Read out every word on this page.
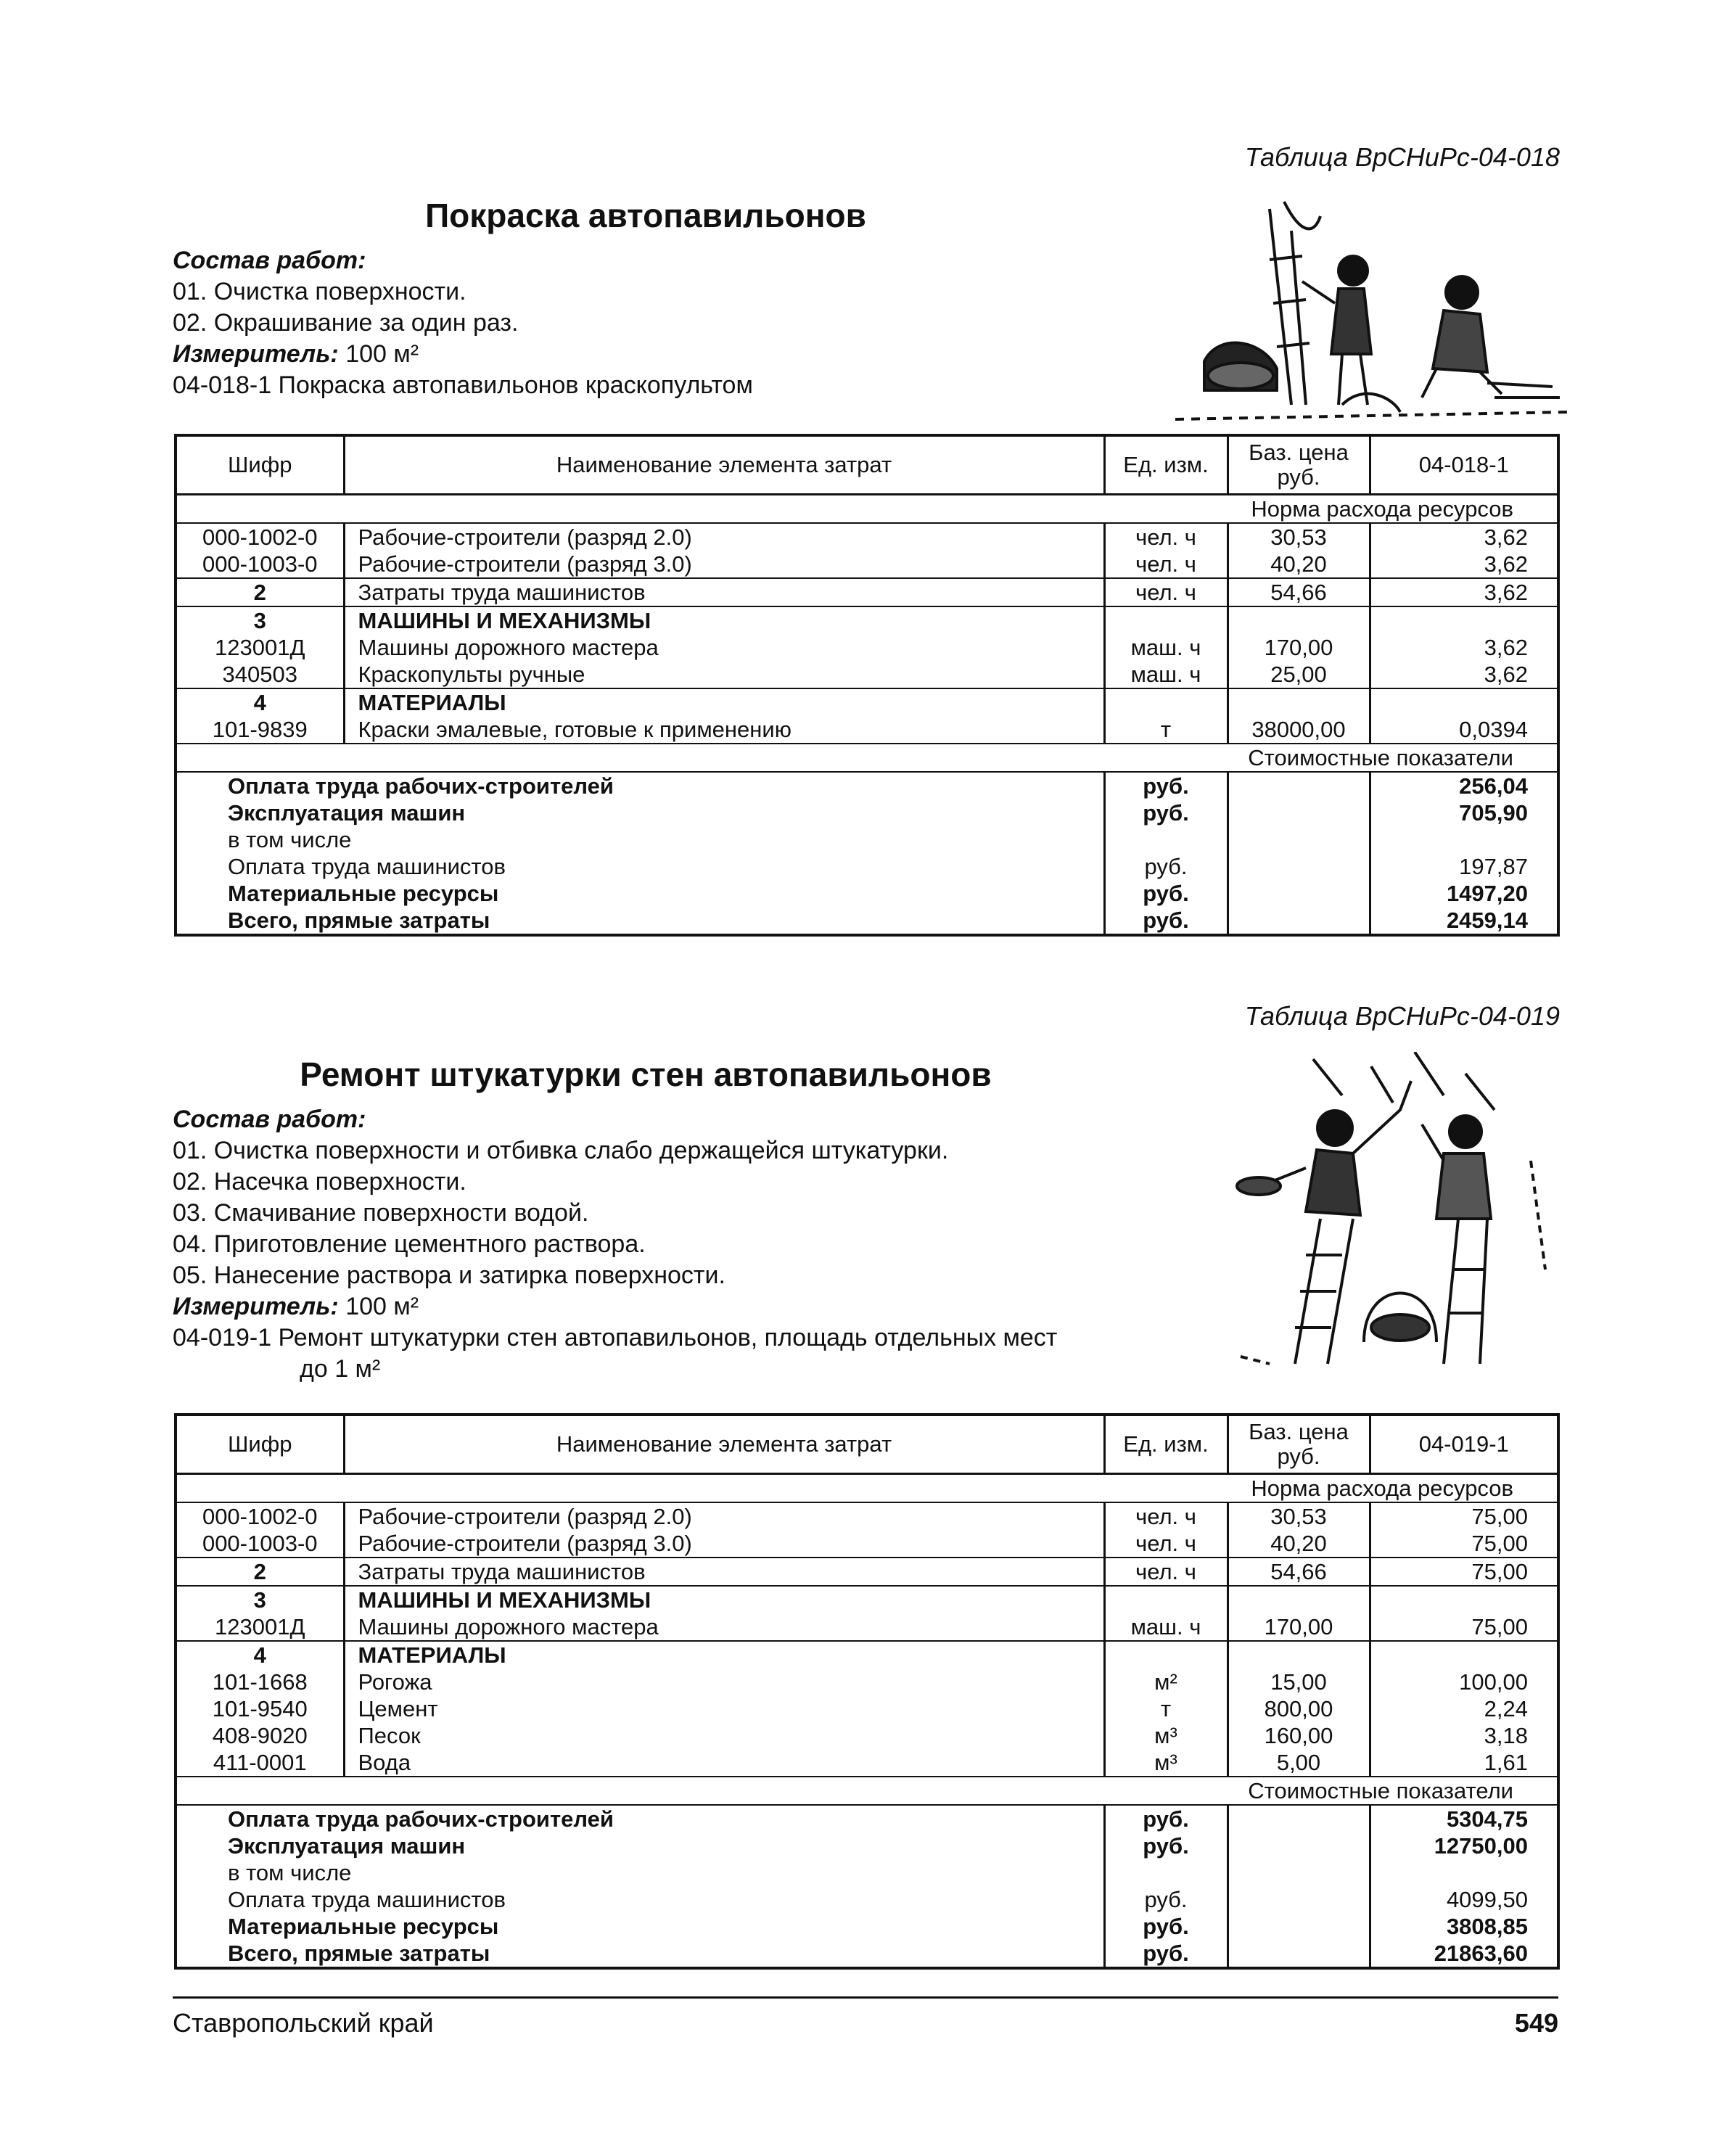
Таблица ВрСНиРс-04-018
Покраска автопавильонов
Состав работ:
01. Очистка поверхности.
02. Окрашивание за один раз.
Измеритель: 100 м²
04-018-1 Покраска автопавильонов краскопультом
Шифр	Наименование элемента затрат	Ед. изм.	Баз. цена руб.	04-018-1
			Норма расхода ресурсов	
000-1002-0	Рабочие-строители (разряд 2.0)	чел. ч	30,53	3,62
000-1003-0	Рабочие-строители (разряд 3.0)	чел. ч	40,20	3,62
2	Затраты труда машинистов	чел. ч	54,66	3,62
3	МАШИНЫ И МЕХАНИЗМЫ			
123001Д	Машины дорожного мастера	маш. ч	170,00	3,62
340503	Краскопульты ручные	маш. ч	25,00	3,62
4	МАТЕРИАЛЫ			
101-9839	Краски эмалевые, готовые к применению	т	38000,00	0,0394
			Стоимостные показатели	
Оплата труда рабочих-строителей		руб.		256,04
Эксплуатация машин		руб.		705,90
в том числе				
Оплата труда машинистов		руб.		197,87
Материальные ресурсы		руб.		1497,20
Всего, прямые затраты		руб.		2459,14
Таблица ВрСНиРс-04-019
Ремонт штукатурки стен автопавильонов
Состав работ:
01. Очистка поверхности и отбивка слабо держащейся штукатурки.
02. Насечка поверхности.
03. Смачивание поверхности водой.
04. Приготовление цементного раствора.
05. Нанесение раствора и затирка поверхности.
Измеритель: 100 м²
04-019-1 Ремонт штукатурки стен автопавильонов, площадь отдельных мест
до 1 м²
Шифр	Наименование элемента затрат	Ед. изм.	Баз. цена руб.	04-019-1
			Норма расхода ресурсов	
000-1002-0	Рабочие-строители (разряд 2.0)	чел. ч	30,53	75,00
000-1003-0	Рабочие-строители (разряд 3.0)	чел. ч	40,20	75,00
2	Затраты труда машинистов	чел. ч	54,66	75,00
3	МАШИНЫ И МЕХАНИЗМЫ			
123001Д	Машины дорожного мастера	маш. ч	170,00	75,00
4	МАТЕРИАЛЫ			
101-1668	Рогожа	м²	15,00	100,00
101-9540	Цемент	т	800,00	2,24
408-9020	Песок	м³	160,00	3,18
411-0001	Вода	м³	5,00	1,61
			Стоимостные показатели	
Оплата труда рабочих-строителей		руб.		5304,75
Эксплуатация машин		руб.		12750,00
в том числе				
Оплата труда машинистов		руб.		4099,50
Материальные ресурсы		руб.		3808,85
Всего, прямые затраты		руб.		21863,60
Ставропольский край	549
